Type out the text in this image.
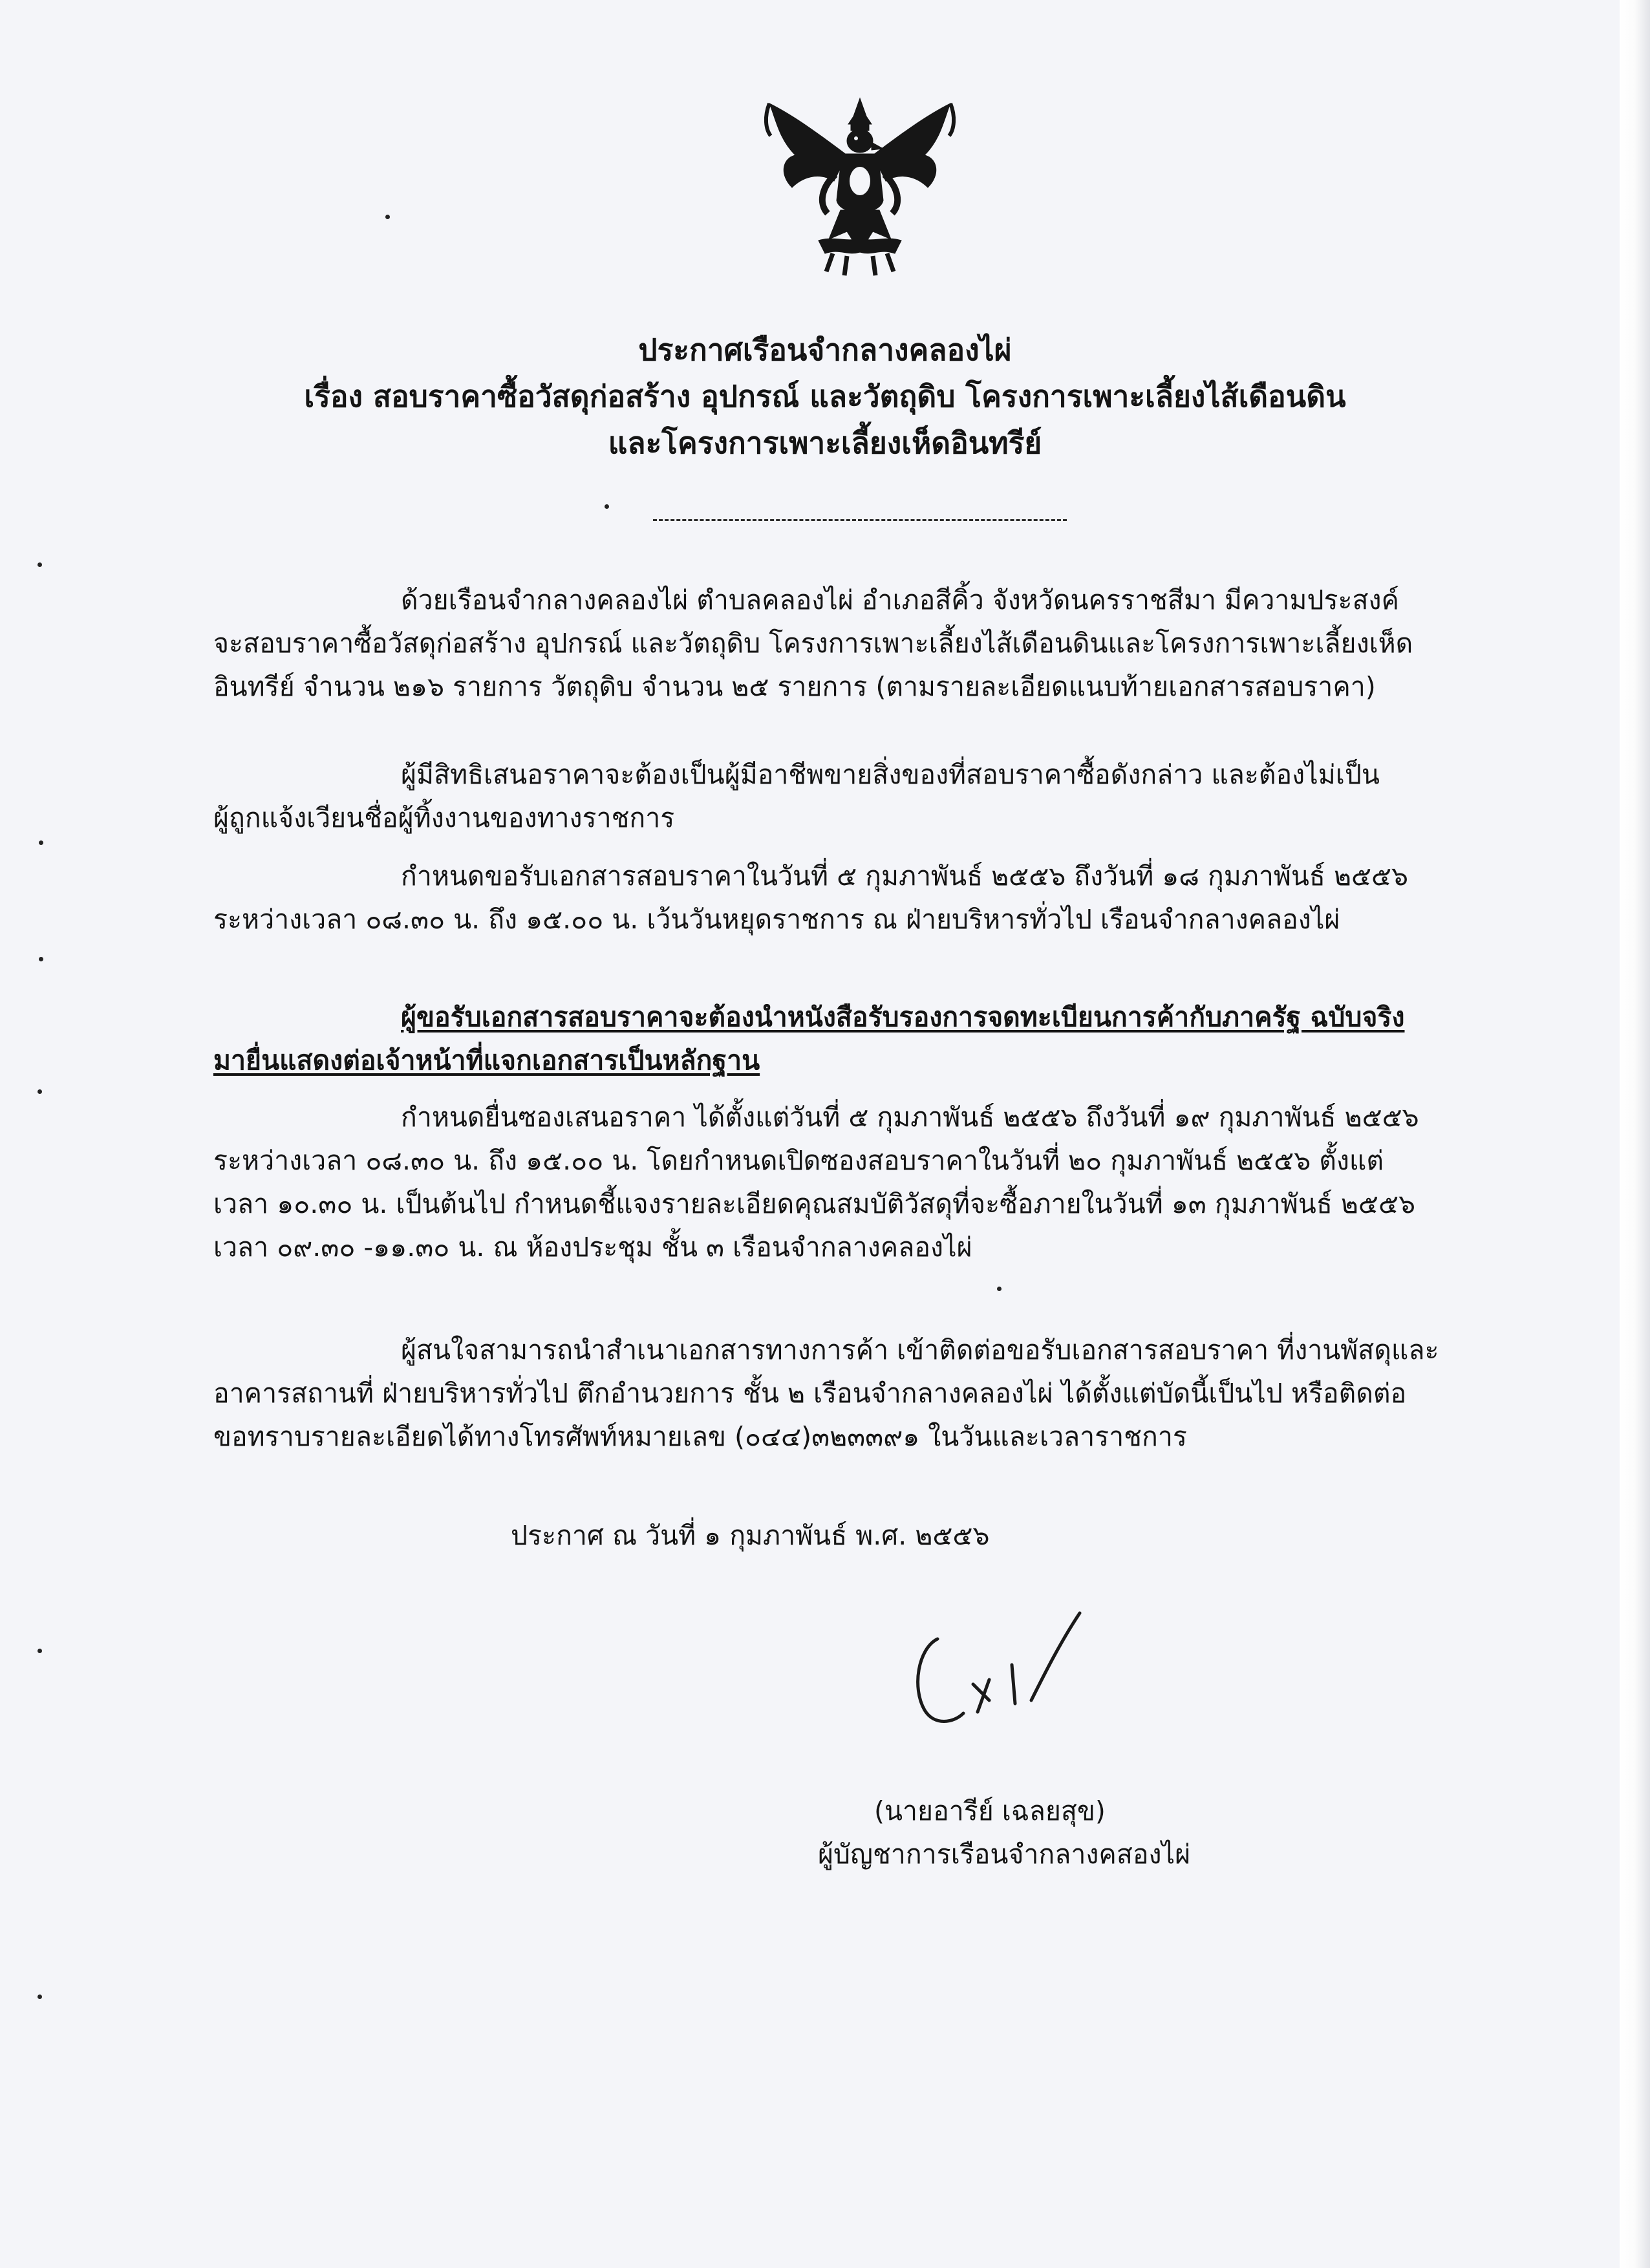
ประกาศเรือนจำกลางคลองไผ่
เรื่อง สอบราคาซื้อวัสดุก่อสร้าง อุปกรณ์ และวัตถุดิบ โครงการเพาะเลี้ยงไส้เดือนดิน
และโครงการเพาะเลี้ยงเห็ดอินทรีย์
ด้วยเรือนจำกลางคลองไผ่ ตำบลคลองไผ่ อำเภอสีคิ้ว จังหวัดนครราชสีมา มีความประสงค์
จะสอบราคาซื้อวัสดุก่อสร้าง อุปกรณ์ และวัตถุดิบ โครงการเพาะเลี้ยงไส้เดือนดินและโครงการเพาะเลี้ยงเห็ด
อินทรีย์ จำนวน ๒๑๖ รายการ วัตถุดิบ จำนวน ๒๕ รายการ (ตามรายละเอียดแนบท้ายเอกสารสอบราคา)
ผู้มีสิทธิเสนอราคาจะต้องเป็นผู้มีอาชีพขายสิ่งของที่สอบราคาซื้อดังกล่าว และต้องไม่เป็น
ผู้ถูกแจ้งเวียนชื่อผู้ทิ้งงานของทางราชการ
กำหนดขอรับเอกสารสอบราคาในวันที่ ๕ กุมภาพันธ์ ๒๕๕๖ ถึงวันที่ ๑๘ กุมภาพันธ์ ๒๕๕๖
ระหว่างเวลา ๐๘.๓๐ น. ถึง ๑๕.๐๐ น. เว้นวันหยุดราชการ ณ ฝ่ายบริหารทั่วไป เรือนจำกลางคลองไผ่
ผู้ขอรับเอกสารสอบราคาจะต้องนำหนังสือรับรองการจดทะเบียนการค้ากับภาครัฐ ฉบับจริง
มายื่นแสดงต่อเจ้าหน้าที่แจกเอกสารเป็นหลักฐาน
กำหนดยื่นซองเสนอราคา ได้ตั้งแต่วันที่ ๕ กุมภาพันธ์ ๒๕๕๖ ถึงวันที่ ๑๙ กุมภาพันธ์ ๒๕๕๖
ระหว่างเวลา ๐๘.๓๐ น. ถึง ๑๕.๐๐ น. โดยกำหนดเปิดซองสอบราคาในวันที่ ๒๐ กุมภาพันธ์ ๒๕๕๖ ตั้งแต่
เวลา ๑๐.๓๐ น. เป็นต้นไป กำหนดชี้แจงรายละเอียดคุณสมบัติวัสดุที่จะซื้อภายในวันที่ ๑๓ กุมภาพันธ์ ๒๕๕๖
เวลา ๐๙.๓๐ -๑๑.๓๐ น. ณ ห้องประชุม ชั้น ๓ เรือนจำกลางคลองไผ่
ผู้สนใจสามารถนำสำเนาเอกสารทางการค้า เข้าติดต่อขอรับเอกสารสอบราคา ที่งานพัสดุและ
อาคารสถานที่ ฝ่ายบริหารทั่วไป ตึกอำนวยการ ชั้น ๒ เรือนจำกลางคลองไผ่ ได้ตั้งแต่บัดนี้เป็นไป หรือติดต่อ
ขอทราบรายละเอียดได้ทางโทรศัพท์หมายเลข (๐๔๔)๓๒๓๓๙๑ ในวันและเวลาราชการ
ประกาศ ณ วันที่ ๑ กุมภาพันธ์ พ.ศ. ๒๕๕๖
(นายอารีย์ เฉลยสุข)
ผู้บัญชาการเรือนจำกลางคสองไผ่
